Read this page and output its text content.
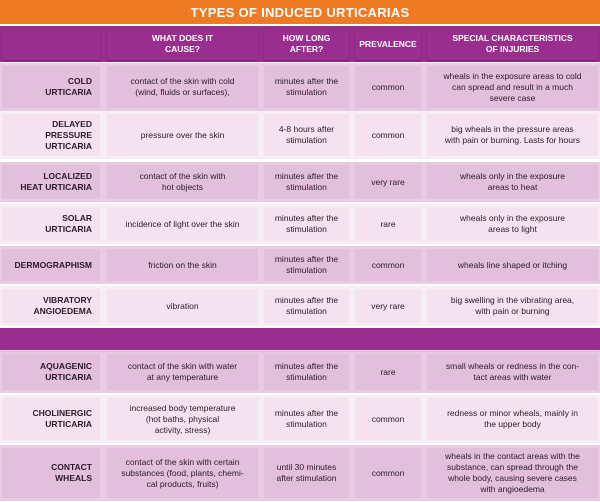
TYPES OF INDUCED URTICARIAS
WHAT DOES IT
CAUSE?
HOW LONG
AFTER?
PREVALENCE
SPECIAL CHARACTERISTICS
OF INJURIES
COLD
URTICARIA
contact of the skin with cold
(wind, fluids or surfaces),
minutes after the
stimulation
common
wheals in the exposure areas to cold
can spread and result in a much
severe case
DELAYED
PRESSURE URTICARIA
pressure over the skin
4-8 hours after
stimulation
common
big wheals in the pressure areas
with pain or burning. Lasts for hours
LOCALIZED
HEAT URTICARIA
contact of the skin with
hot objects
minutes after the
stimulation
very rare
wheals only in the exposure
areas to heat
SOLAR
URTICARIA
incidence of light over the skin
minutes after the
stimulation
rare
wheals only in the exposure
areas to light
DERMOGRAPHISM	friction on the skin
minutes after the
stimulation
common	wheals line shaped or itching
VIBRATORY
ANGIOEDEMA
vibration
minutes after the
stimulation
very rare
big swelling in the vibrating area,
with pain or burning
AQUAGENIC
URTICARIA
contact of the skin with water
at any temperature
minutes after the
stimulation
rare
small wheals or redness in the con-
tact areas with water
CHOLINERGIC
URTICARIA
increased body temperature
(hot baths, physical
activity, stress)
minutes after the
stimulation
common
redness or minor wheals, mainly in
the upper body
CONTACT
WHEALS
contact of the skin with certain
substances (food, plants, chemi-
cal products, fruits)
until 30 minutes
after stimulation
common
wheals in the contact areas with the
substance, can spread through the
whole body, causing severe cases
with angioedema
